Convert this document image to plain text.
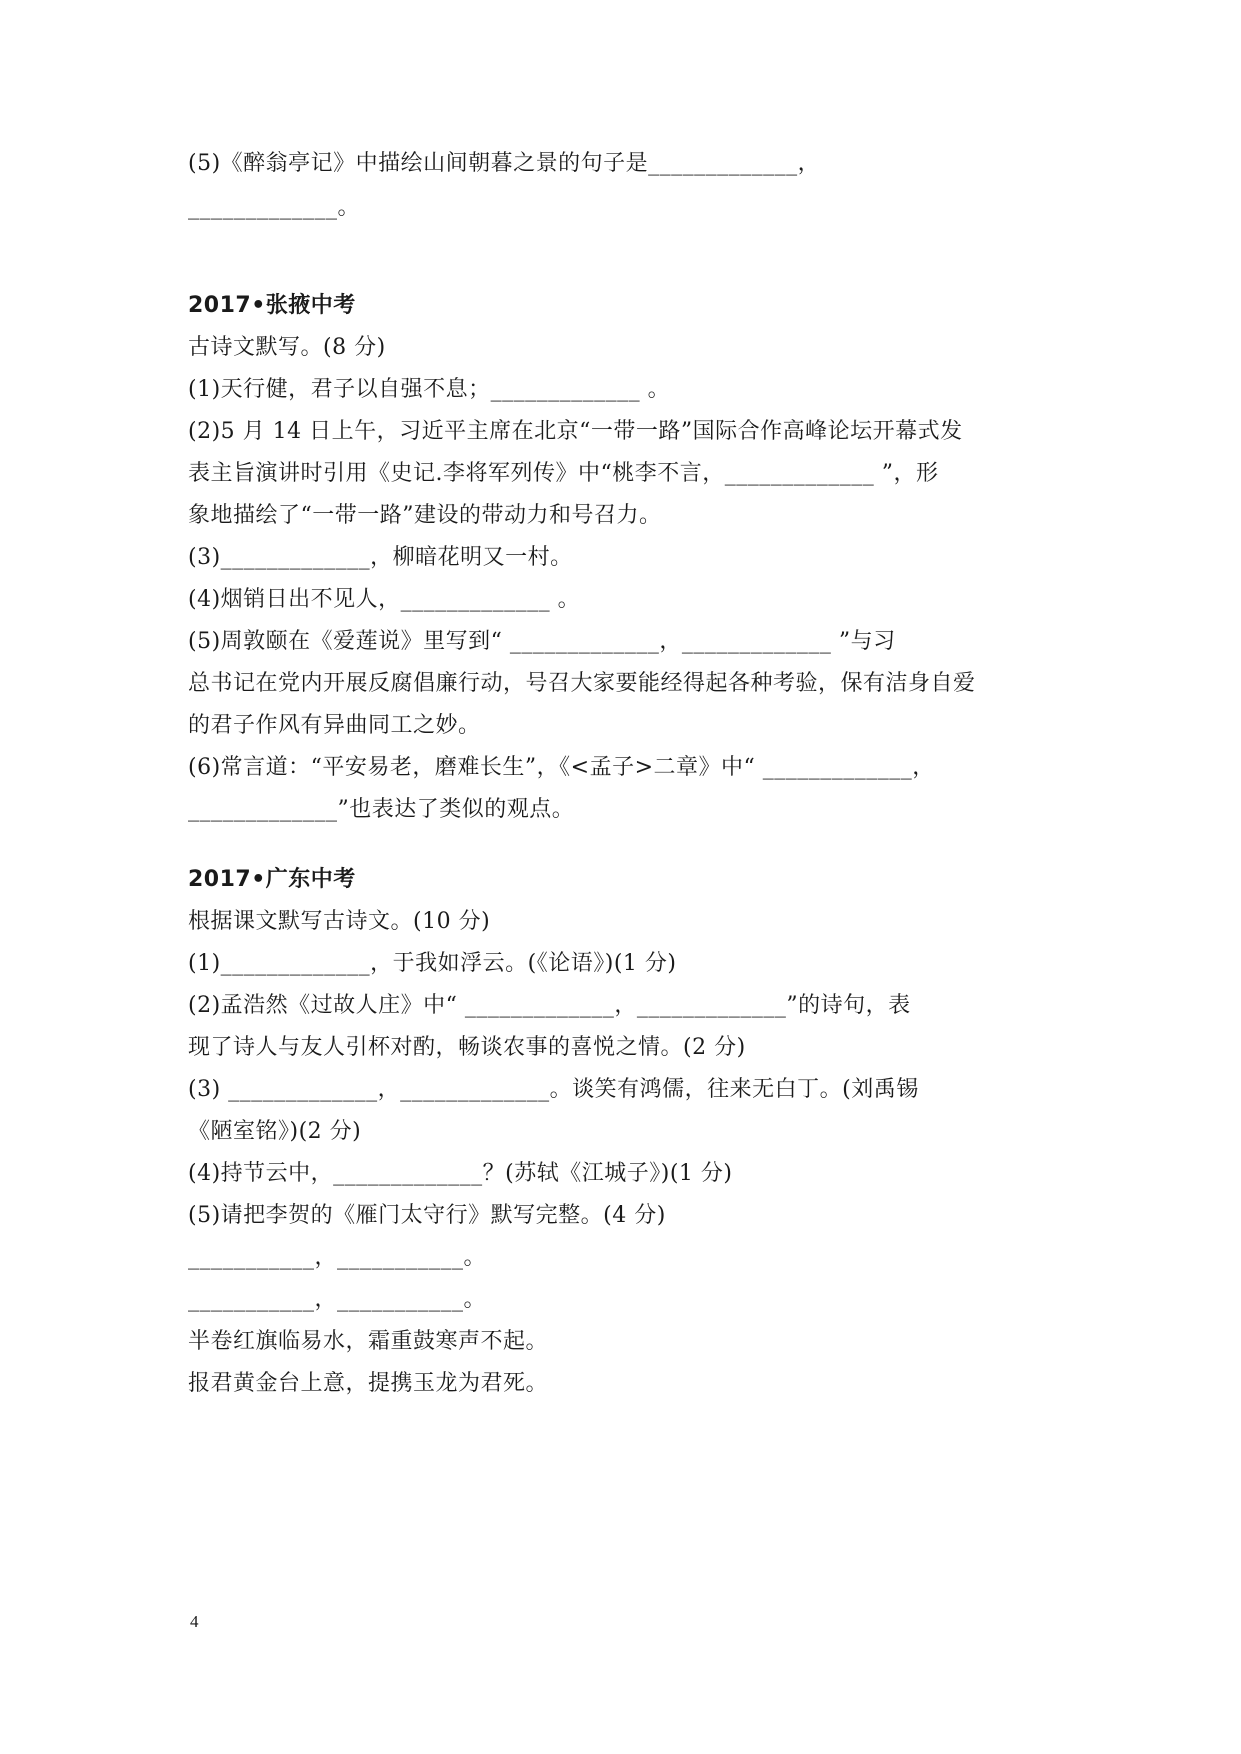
(5)《醉翁亭记》中描绘山间朝暮之景的句子是_____________，
_____________。
2017•张掖中考
古诗文默写。(8 分)
(1)天行健，君子以自强不息；_____________ 。
(2)5 月 14 日上午，习近平主席在北京“一带一路”国际合作高峰论坛开幕式发
表主旨演讲时引用《史记.李将军列传》中“桃李不言，_____________ ”，形
象地描绘了“一带一路”建设的带动力和号召力。
(3)_____________，柳暗花明又一村。
(4)烟销日出不见人，_____________ 。
(5)周敦颐在《爱莲说》里写到“ _____________，_____________ ”与习
总书记在党内开展反腐倡廉行动，号召大家要能经得起各种考验，保有洁身自爱
的君子作风有异曲同工之妙。
(6)常言道：“平安易老，磨难长生”，《<孟子>二章》中“ _____________，
_____________”也表达了类似的观点。
2017•广东中考
根据课文默写古诗文。(10 分)
(1)_____________，于我如浮云。(《论语》)(1 分)
(2)孟浩然《过故人庄》中“ _____________，_____________”的诗句，表
现了诗人与友人引杯对酌，畅谈农事的喜悦之情。(2 分)
(3) _____________，_____________。谈笑有鸿儒，往来无白丁。(刘禹锡
《陋室铭》)(2 分)
(4)持节云中，_____________？(苏轼《江城子》)(1 分)
(5)请把李贺的《雁门太守行》默写完整。(4 分)
___________，___________。
___________，___________。
半卷红旗临易水，霜重鼓寒声不起。
报君黄金台上意，提携玉龙为君死。
4
